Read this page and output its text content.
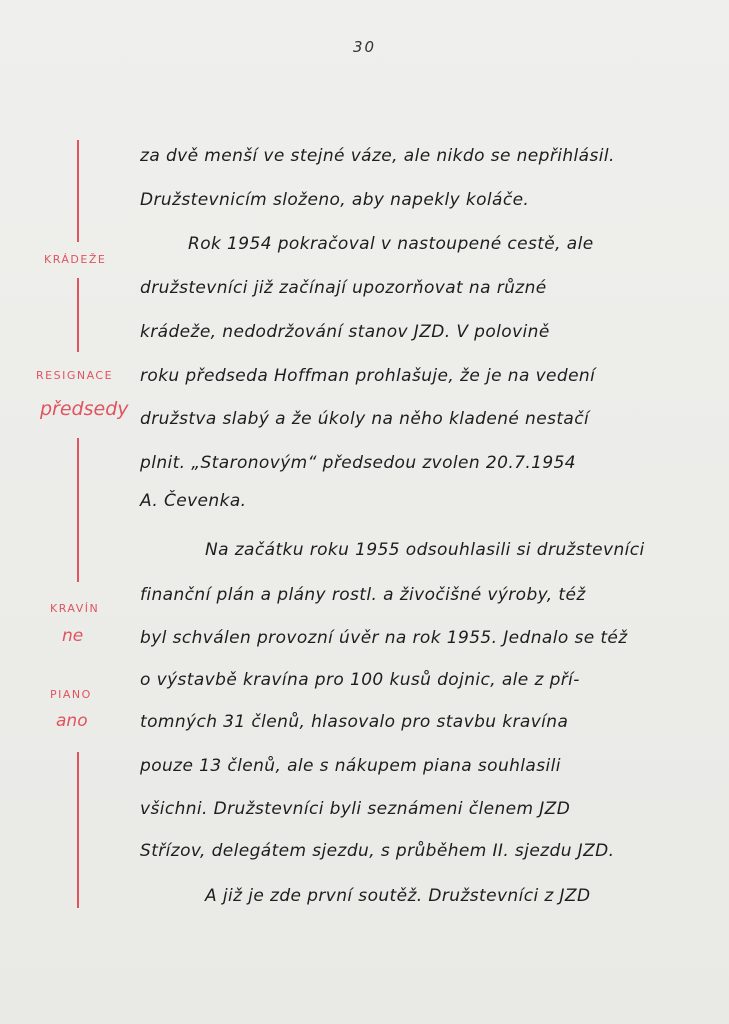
30
KRÁDEŽE
RESIGNACE
předsedy
KRAVÍN
ne
PIANO
ano
za dvě menší ve stejné váze, ale nikdo se nepřihlásil.
Družstevnicím složeno, aby napekly koláče.
Rok 1954 pokračoval v nastoupené cestě, ale
družstevníci již začínají upozorňovat na různé
krádeže, nedodržování stanov JZD. V polovině
roku předseda Hoffman prohlašuje, že je na vedení
družstva slabý a že úkoly na něho kladené nestačí
plnit. „Staronovým“ předsedou zvolen 20.7.1954
A. Čevenka.
Na začátku roku 1955 odsouhlasili si družstevníci
finanční plán a plány rostl. a živočišné výroby, též
byl schválen provozní úvěr na rok 1955. Jednalo se též
o výstavbě kravína pro 100 kusů dojnic, ale z pří-
tomných 31 členů, hlasovalo pro stavbu kravína
pouze 13 členů, ale s nákupem piana souhlasili
všichni. Družstevníci byli seznámeni členem JZD
Střízov, delegátem sjezdu, s průběhem II. sjezdu JZD.
A již je zde první soutěž. Družstevníci z JZD
